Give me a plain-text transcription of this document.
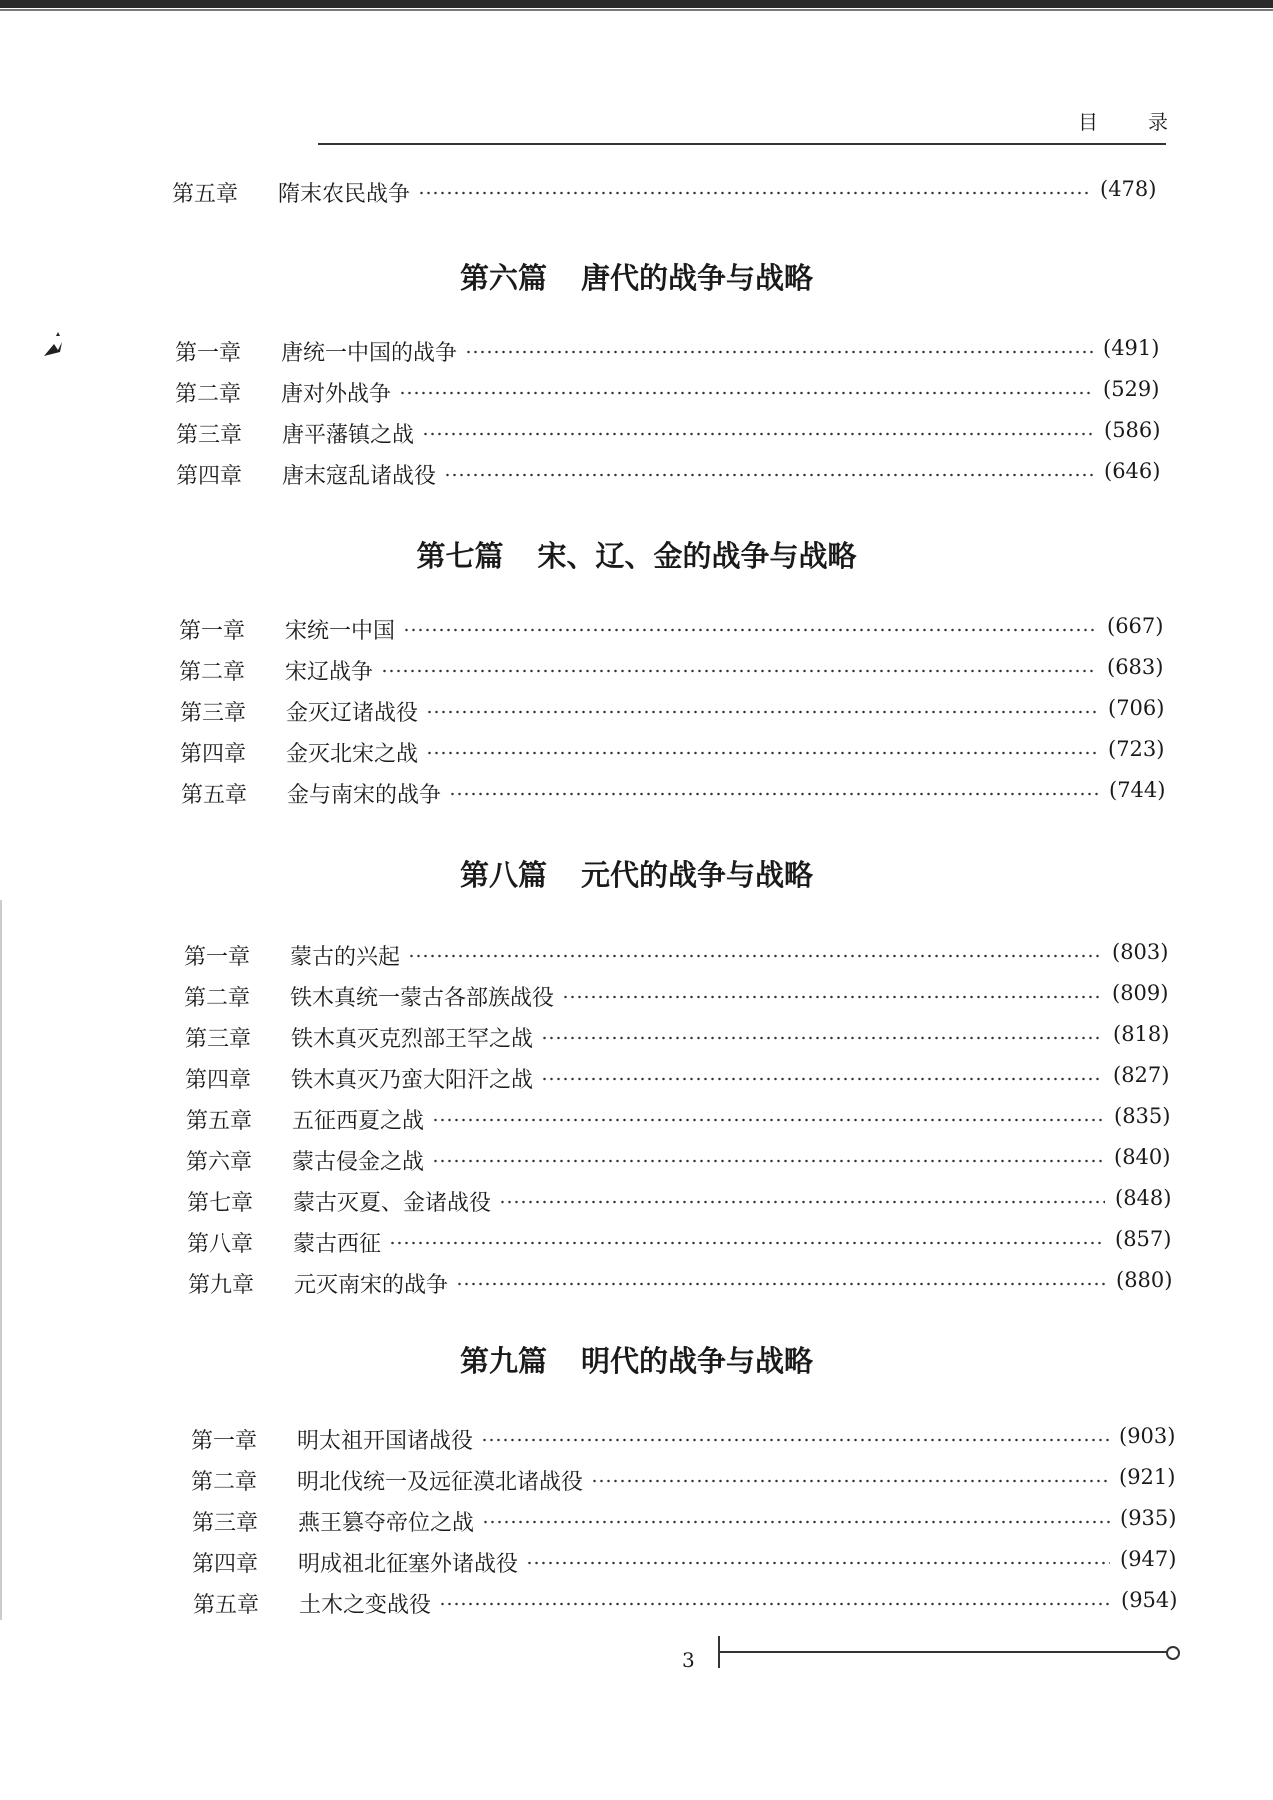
目	录
第六篇 唐代的战争与战略
第七篇 宋、辽、金的战争与战略
第八篇 元代的战争与战略
第九篇 明代的战争与战略
第五章 隋末农民战争	(478)
第一章 唐统一中国的战争	(491)
第二章 唐对外战争	(529)
第三章 唐平藩镇之战	(586)
第四章 唐末寇乱诸战役	(646)
第一章 宋统一中国	(667)
第二章 宋辽战争	(683)
第三章 金灭辽诸战役	(706)
第四章 金灭北宋之战	(723)
第五章 金与南宋的战争	(744)
第一章 蒙古的兴起	(803)
第二章 铁木真统一蒙古各部族战役	(809)
第三章 铁木真灭克烈部王罕之战	(818)
第四章 铁木真灭乃蛮大阳汗之战	(827)
第五章 五征西夏之战	(835)
第六章 蒙古侵金之战	(840)
第七章 蒙古灭夏、金诸战役	(848)
第八章 蒙古西征	(857)
第九章 元灭南宋的战争	(880)
第一章 明太祖开国诸战役	(903)
第二章 明北伐统一及远征漠北诸战役	(921)
第三章 燕王篡夺帝位之战	(935)
第四章 明成祖北征塞外诸战役	(947)
第五章 土木之变战役	(954)
3
